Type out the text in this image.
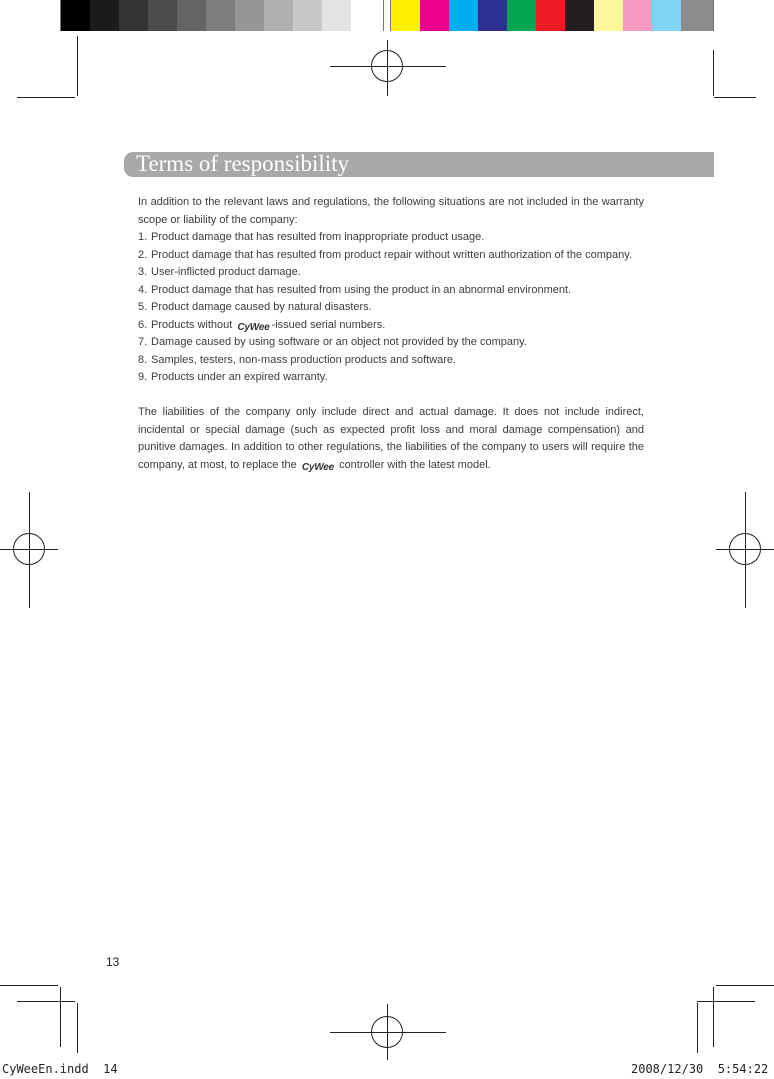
Terms of responsibility

In addition to the relevant laws and regulations, the following situations are not included in the warranty scope or liability of the company:

1. Product damage that has resulted from inappropriate product usage.
2. Product damage that has resulted from product repair without written authorization of the company.
3. User-inflicted product damage.
4. Product damage that has resulted from using the product in an abnormal environment.
5. Product damage caused by natural disasters.
6. Products without CyWee -issued serial numbers.
7. Damage caused by using software or an object not provided by the company.
8. Samples, testers, non-mass production products and software.
9. Products under an expired warranty.

The liabilities of the company only include direct and actual damage. It does not include indirect, incidental or special damage (such as expected profit loss and moral damage compensation) and punitive damages. In addition to other regulations, the liabilities of the company to users will require the company, at most, to replace the CyWee controller with the latest model.

13
CyWeeEn.indd  14	2008/12/30  5:54:22
